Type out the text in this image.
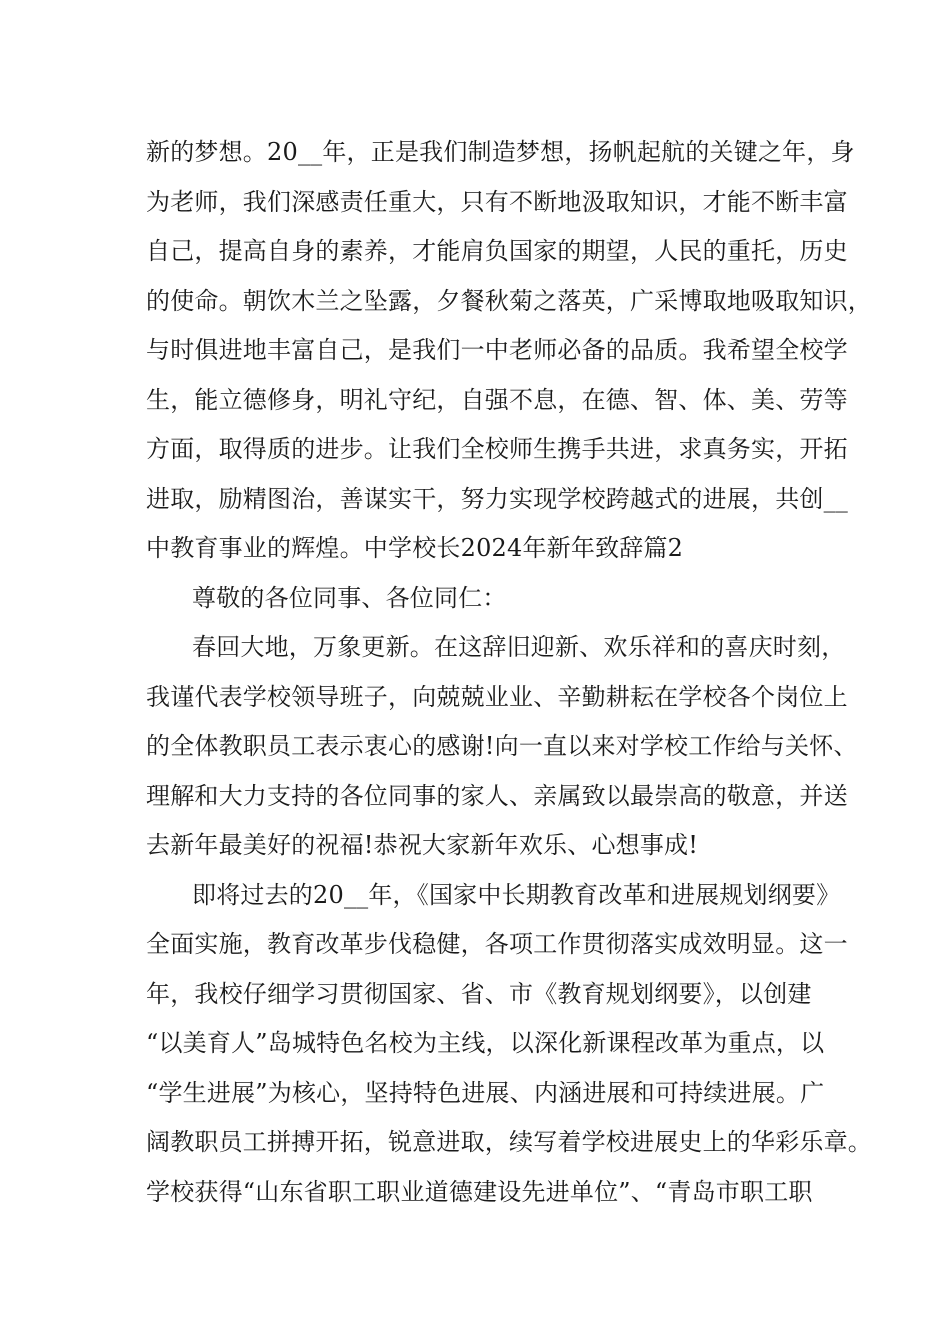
新的梦想。20__年，正是我们制造梦想，扬帆起航的关键之年，身
为老师，我们深感责任重大，只有不断地汲取知识，才能不断丰富
自己，提高自身的素养，才能肩负国家的期望，人民的重托，历史
的使命。朝饮木兰之坠露，夕餐秋菊之落英，广采博取地吸取知识，
与时俱进地丰富自己，是我们一中老师必备的品质。我希望全校学
生，能立德修身，明礼守纪，自强不息，在德、智、体、美、劳等
方面，取得质的进步。让我们全校师生携手共进，求真务实，开拓
进取，励精图治，善谋实干，努力实现学校跨越式的进展，共创__
中教育事业的辉煌。中学校长2024年新年致辞篇2
尊敬的各位同事、各位同仁：
春回大地，万象更新。在这辞旧迎新、欢乐祥和的喜庆时刻，
我谨代表学校领导班子，向兢兢业业、辛勤耕耘在学校各个岗位上
的全体教职员工表示衷心的感谢!向一直以来对学校工作给与关怀、
理解和大力支持的各位同事的家人、亲属致以最崇高的敬意，并送
去新年最美好的祝福!恭祝大家新年欢乐、心想事成!
即将过去的20__年，《国家中长期教育改革和进展规划纲要》
全面实施，教育改革步伐稳健，各项工作贯彻落实成效明显。这一
年，我校仔细学习贯彻国家、省、市《教育规划纲要》，以创建
“以美育人”岛城特色名校为主线，以深化新课程改革为重点，以
“学生进展”为核心，坚持特色进展、内涵进展和可持续进展。广
阔教职员工拼搏开拓，锐意进取，续写着学校进展史上的华彩乐章。
学校获得“山东省职工职业道德建设先进单位”、“青岛市职工职
